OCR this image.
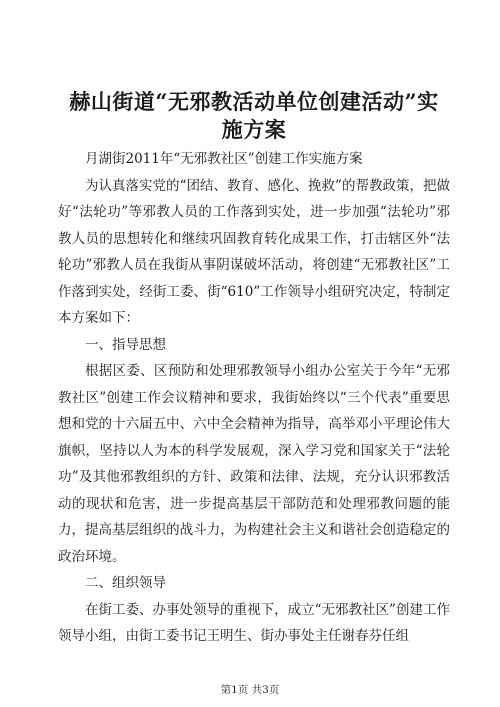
赫山街道“无邪教活动单位创建活动”实施方案

月湖街2011年“无邪教社区”创建工作实施方案

为认真落实党的“团结、教育、感化、挽救”的帮教政策，把做好“法轮功”等邪教人员的工作落到实处，进一步加强“法轮功”邪教人员的思想转化和继续巩固教育转化成果工作，打击辖区外“法轮功”邪教人员在我街从事阴谋破坏活动，将创建“无邪教社区”工作落到实处，经街工委、街“610”工作领导小组研究决定，特制定本方案如下：

一、指导思想

根据区委、区预防和处理邪教领导小组办公室关于今年“无邪教社区”创建工作会议精神和要求，我街始终以“三个代表”重要思想和党的十六届五中、六中全会精神为指导，高举邓小平理论伟大旗帜，坚持以人为本的科学发展观，深入学习党和国家关于“法轮功”及其他邪教组织的方针、政策和法律、法规，充分认识邪教活动的现状和危害，进一步提高基层干部防范和处理邪教问题的能力，提高基层组织的战斗力，为构建社会主义和谐社会创造稳定的政治环境。

二、组织领导

在街工委、办事处领导的重视下，成立“无邪教社区”创建工作领导小组，由街工委书记王明生、街办事处主任谢春芬任组

第1页 共3页
